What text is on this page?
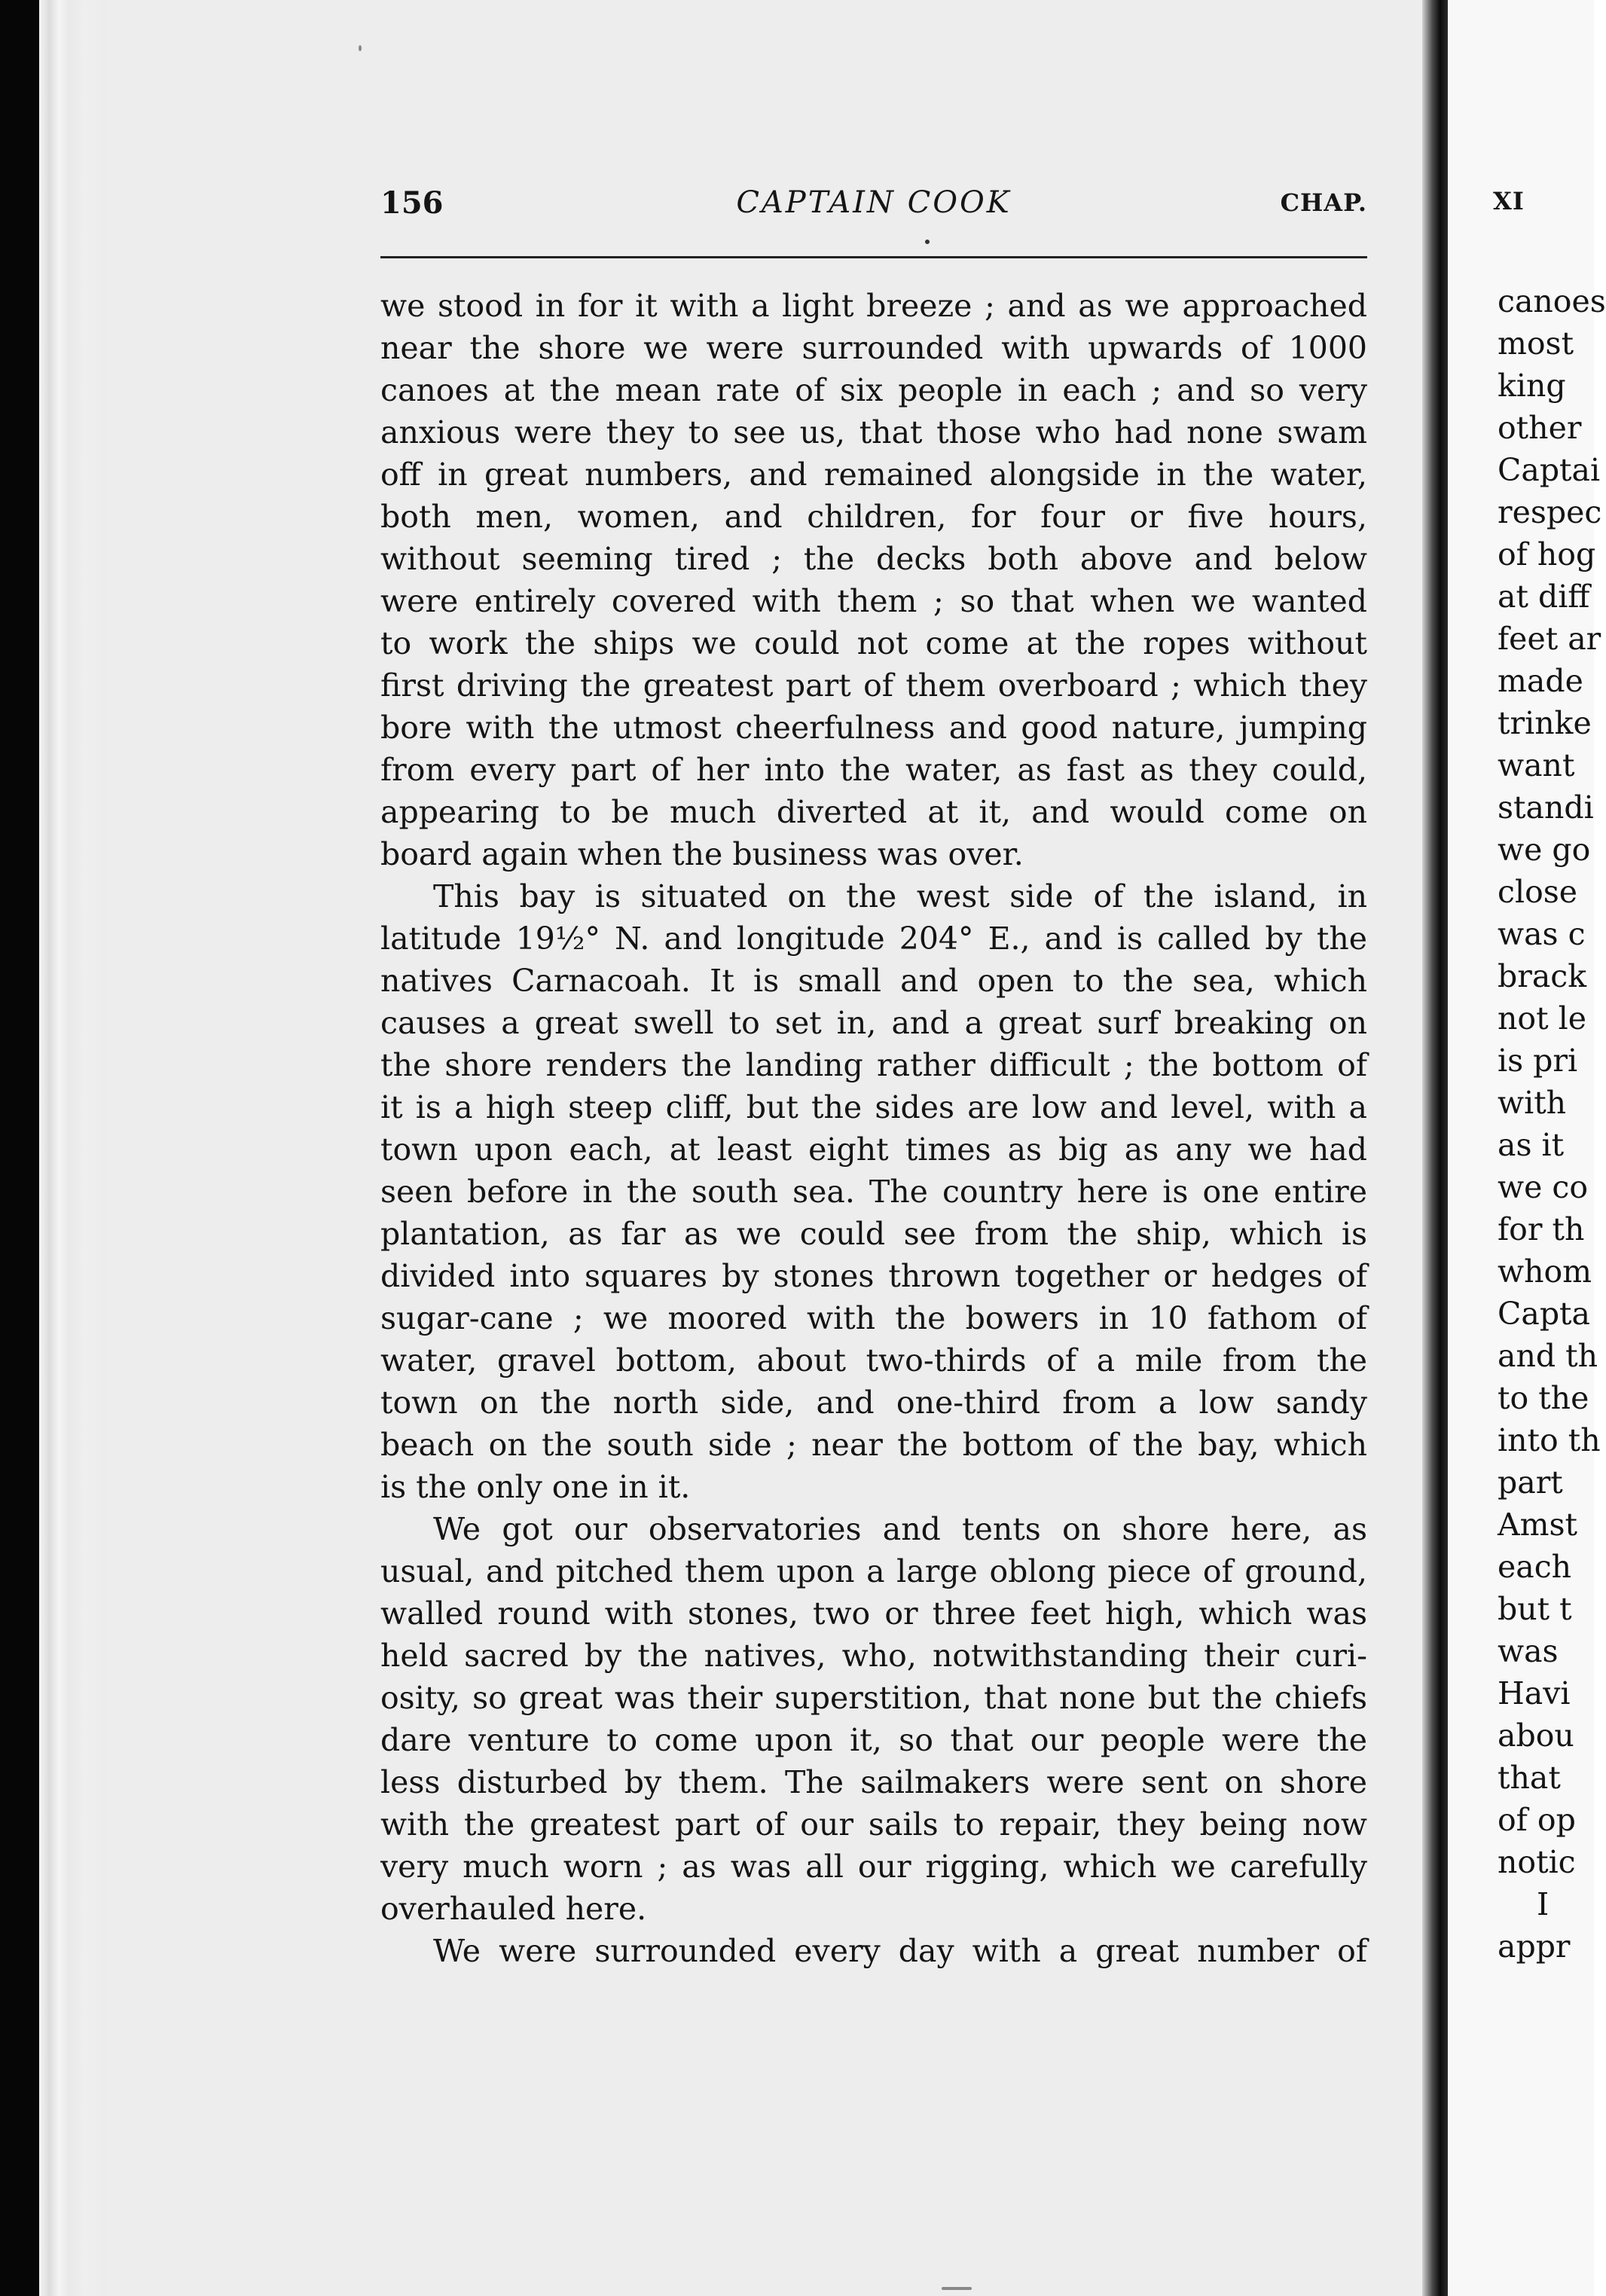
156	CAPTAIN COOK	CHAP.
we stood in for it with a light breeze ; and as we approached
near the shore we were surrounded with upwards of 1000
canoes at the mean rate of six people in each ; and so very
anxious were they to see us, that those who had none swam
off in great numbers, and remained alongside in the water,
both men, women, and children, for four or five hours,
without seeming tired ; the decks both above and below
were entirely covered with them ; so that when we wanted
to work the ships we could not come at the ropes without
first driving the greatest part of them overboard ; which they
bore with the utmost cheerfulness and good nature, jumping
from every part of her into the water, as fast as they could,
appearing to be much diverted at it, and would come on
board again when the business was over.
This bay is situated on the west side of the island, in
latitude 19½° N. and longitude 204° E., and is called by the
natives Carnacoah. It is small and open to the sea, which
causes a great swell to set in, and a great surf breaking on
the shore renders the landing rather difficult ; the bottom of
it is a high steep cliff, but the sides are low and level, with a
town upon each, at least eight times as big as any we had
seen before in the south sea. The country here is one entire
plantation, as far as we could see from the ship, which is
divided into squares by stones thrown together or hedges of
sugar-cane ; we moored with the bowers in 10 fathom of
water, gravel bottom, about two-thirds of a mile from the
town on the north side, and one-third from a low sandy
beach on the south side ; near the bottom of the bay, which
is the only one in it.
We got our observatories and tents on shore here, as
usual, and pitched them upon a large oblong piece of ground,
walled round with stones, two or three feet high, which was
held sacred by the natives, who, notwithstanding their curi-
osity, so great was their superstition, that none but the chiefs
dare venture to come upon it, so that our people were the
less disturbed by them. The sailmakers were sent on shore
with the greatest part of our sails to repair, they being now
very much worn ; as was all our rigging, which we carefully
overhauled here.
We were surrounded every day with a great number of
XI
canoes
most
king
other
Captai
respec
of hog
at diff
feet ar
made
trinke
want
standi
we go
close
was c
brack
not le
is pri
with
as it
we co
for th
whom
Capta
and th
to the
into th
part
Amst
each
but t
was
Havi
abou
that
of op
notic
I
appr
